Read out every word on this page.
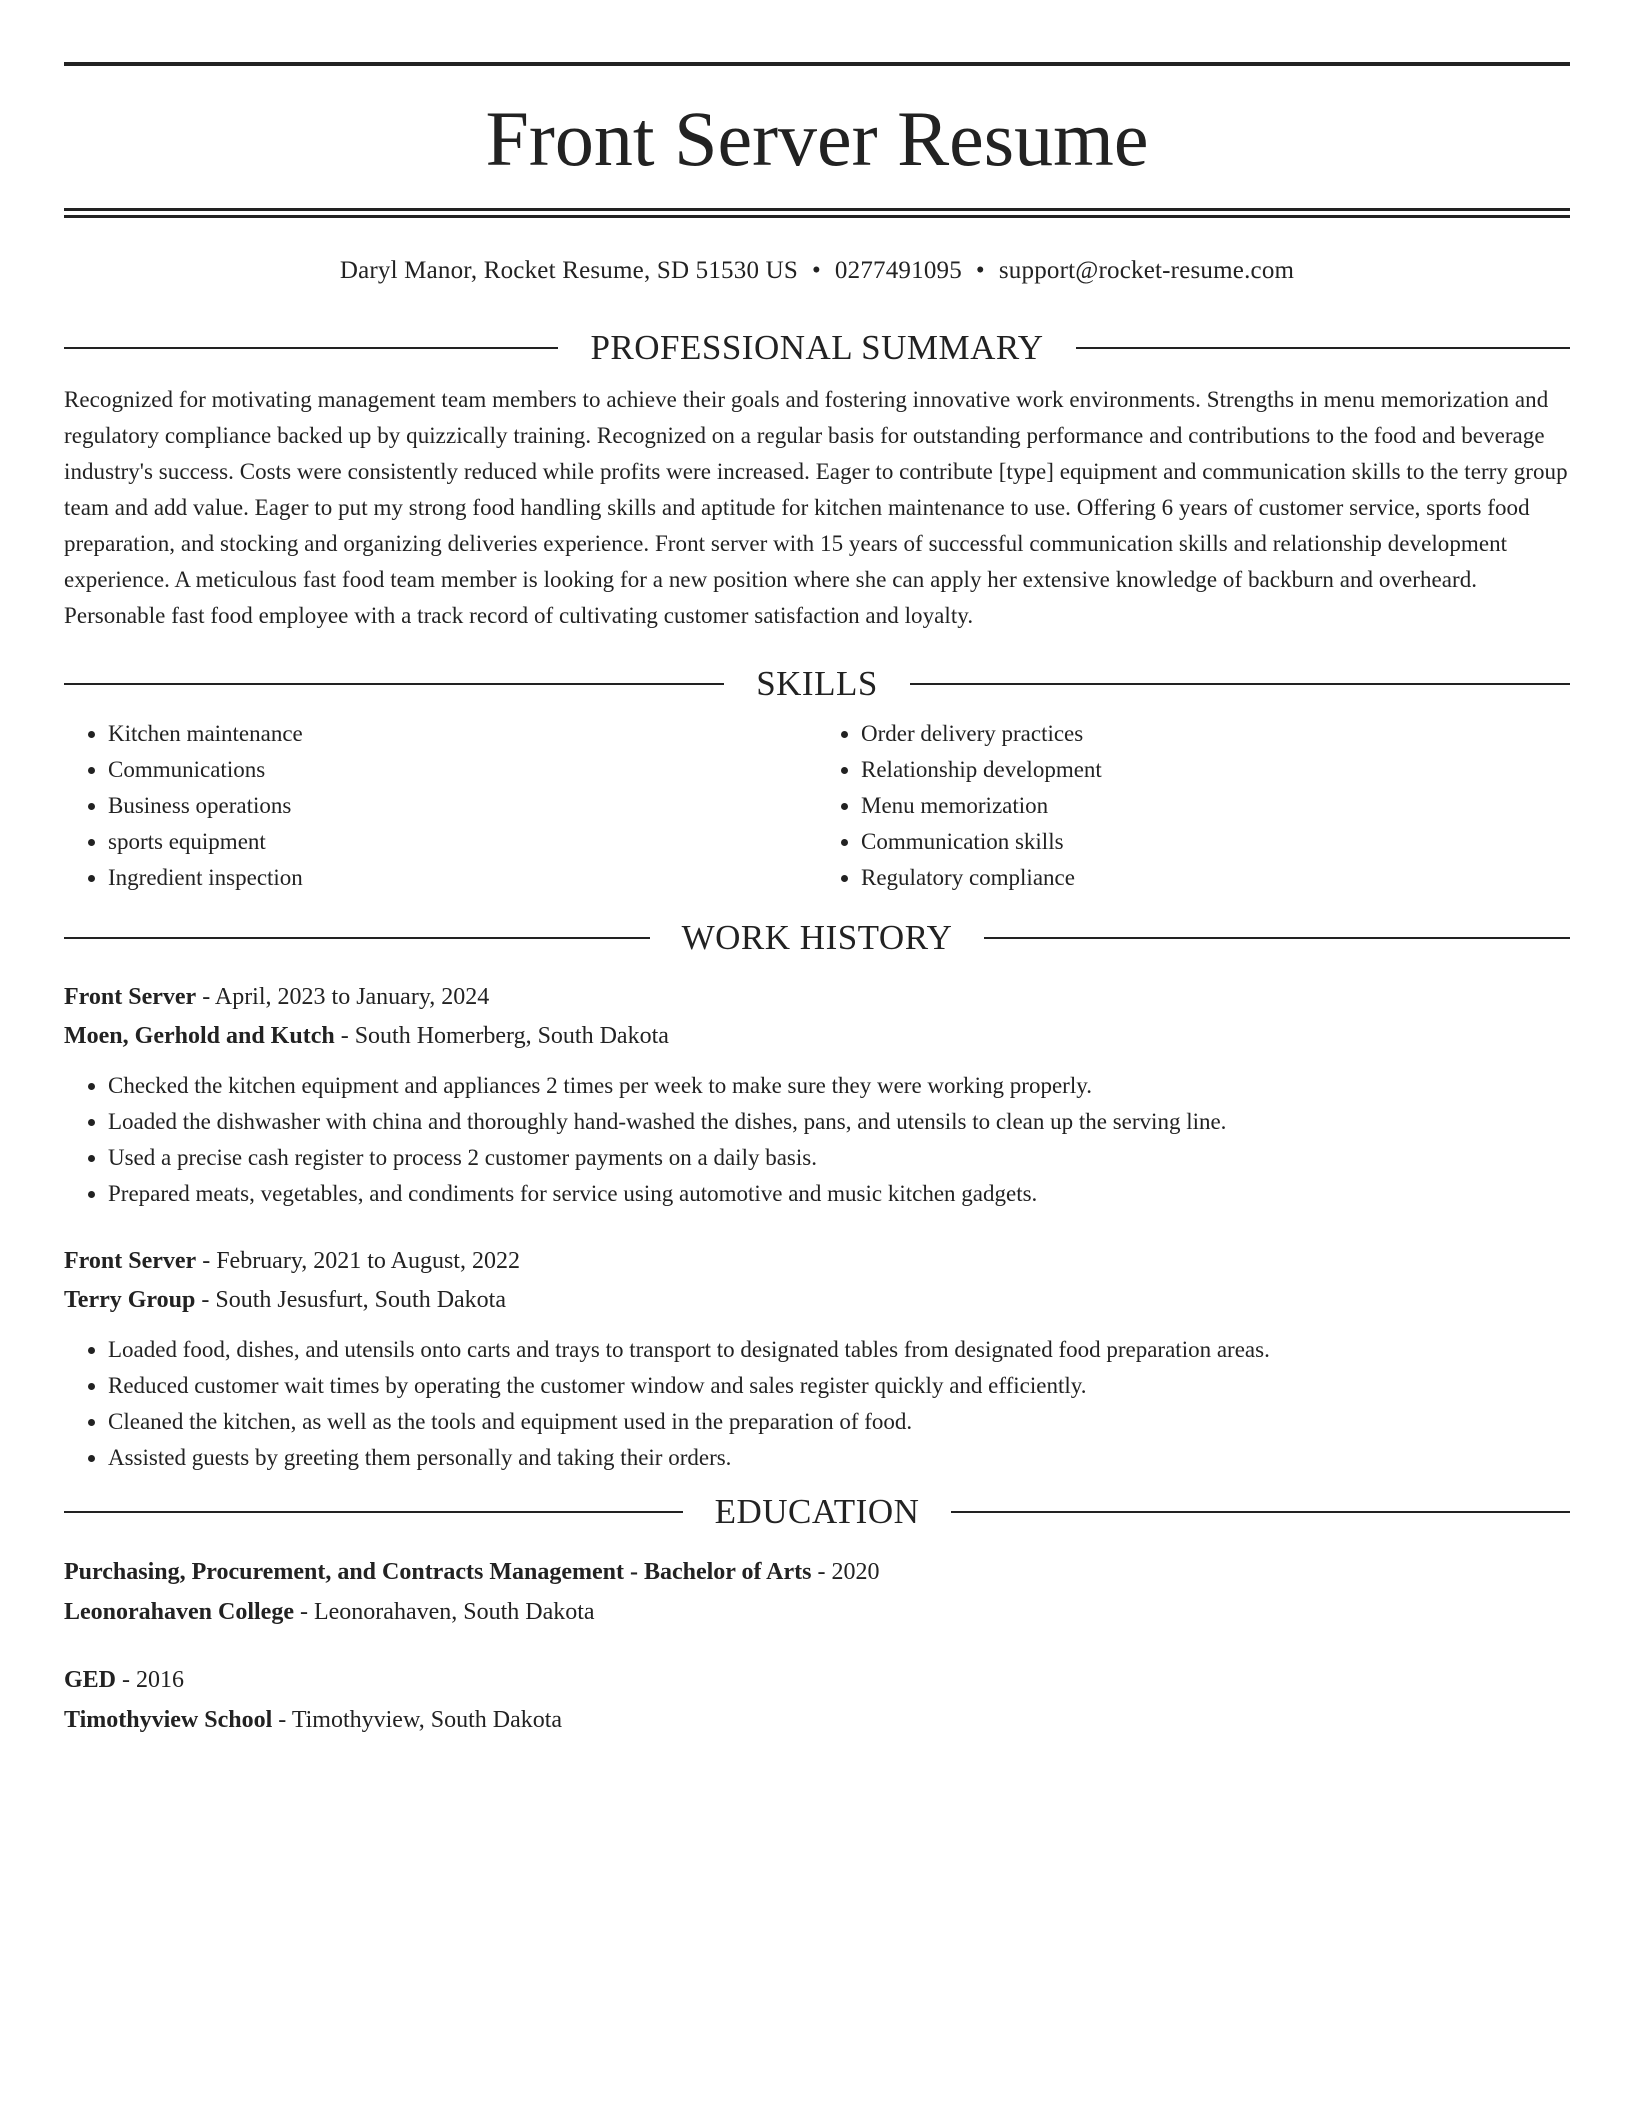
Front Server Resume
Daryl Manor, Rocket Resume, SD 51530 US • 0277491095 • support@rocket-resume.com
PROFESSIONAL SUMMARY

Recognized for motivating management team members to achieve their goals and fostering innovative work environments. Strengths in menu memorization and regulatory compliance backed up by quizzically training. Recognized on a regular basis for outstanding performance and contributions to the food and beverage industry's success. Costs were consistently reduced while profits were increased. Eager to contribute [type] equipment and communication skills to the terry group team and add value. Eager to put my strong food handling skills and aptitude for kitchen maintenance to use. Offering 6 years of customer service, sports food preparation, and stocking and organizing deliveries experience. Front server with 15 years of successful communication skills and relationship development experience. A meticulous fast food team member is looking for a new position where she can apply her extensive knowledge of backburn and overheard. Personable fast food employee with a track record of cultivating customer satisfaction and loyalty.

SKILLS
• Kitchen maintenance
• Communications
• Business operations
• sports equipment
• Ingredient inspection
• Order delivery practices
• Relationship development
• Menu memorization
• Communication skills
• Regulatory compliance
WORK HISTORY
Front Server - April, 2023 to January, 2024
Moen, Gerhold and Kutch - South Homerberg, South Dakota
• Checked the kitchen equipment and appliances 2 times per week to make sure they were working properly.
• Loaded the dishwasher with china and thoroughly hand-washed the dishes, pans, and utensils to clean up the serving line.
• Used a precise cash register to process 2 customer payments on a daily basis.
• Prepared meats, vegetables, and condiments for service using automotive and music kitchen gadgets.
Front Server - February, 2021 to August, 2022
Terry Group - South Jesusfurt, South Dakota
• Loaded food, dishes, and utensils onto carts and trays to transport to designated tables from designated food preparation areas.
• Reduced customer wait times by operating the customer window and sales register quickly and efficiently.
• Cleaned the kitchen, as well as the tools and equipment used in the preparation of food.
• Assisted guests by greeting them personally and taking their orders.
EDUCATION
Purchasing, Procurement, and Contracts Management - Bachelor of Arts - 2020
Leonorahaven College - Leonorahaven, South Dakota
GED - 2016
Timothyview School - Timothyview, South Dakota
